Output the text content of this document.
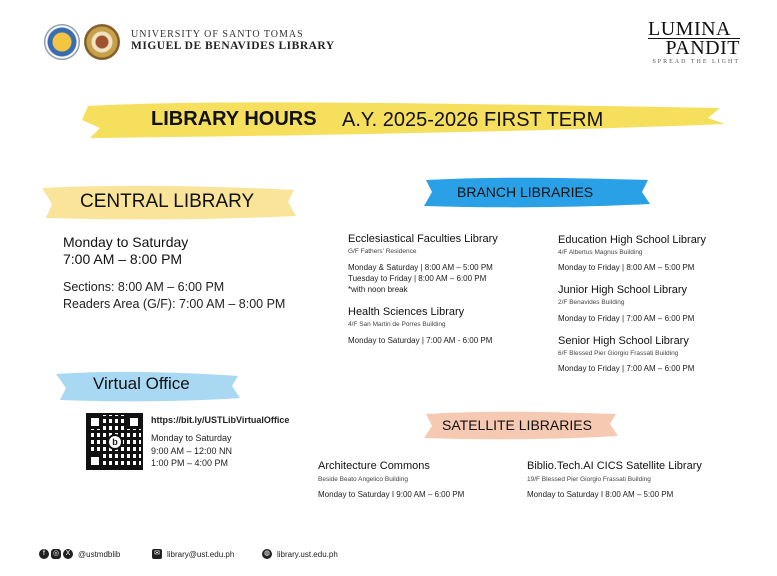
UNIVERSITY OF SANTO TOMAS
MIGUEL DE BENAVIDES LIBRARY
LUMINA
PANDIT
SPREAD THE LIGHT
LIBRARY HOURS A.Y. 2025-2026 FIRST TERM
CENTRAL LIBRARY
Monday to Saturday
7:00 AM – 8:00 PM
Sections: 8:00 AM – 6:00 PM
Readers Area (G/F): 7:00 AM – 8:00 PM
Virtual Office
b
https://bit.ly/USTLibVirtualOffice
Monday to Saturday
9:00 AM – 12:00 NN
1:00 PM – 4:00 PM
BRANCH LIBRARIES
Ecclesiastical Faculties Library
G/F Fathers' Residence
Monday & Saturday | 8:00 AM – 5:00 PM
Tuesday to Friday | 8:00 AM – 6:00 PM
*with noon break
Health Sciences Library
4/F San Martin de Porres Building
Monday to Saturday | 7:00 AM - 6:00 PM
Education High School Library
4/F Albertus Magnus Building
Monday to Friday | 8:00 AM – 5:00 PM
Junior High School Library
2/F Benavides Building
Monday to Friday | 7:00 AM – 6:00 PM
Senior High School Library
6/F Blessed Pier Giorgio Frassati Building
Monday to Friday | 7:00 AM – 6:00 PM
SATELLITE LIBRARIES
Architecture Commons
Beside Beato Angelico Building
Monday to Saturday I 9:00 AM – 6:00 PM
Biblio.Tech.AI CICS Satellite Library
19/F Blessed Pier Giorgio Frassati Building
Monday to Saturday I 8:00 AM – 5:00 PM
f	◎ X @ustmdblib	✉ library@ust.edu.ph	◍ library.ust.edu.ph
